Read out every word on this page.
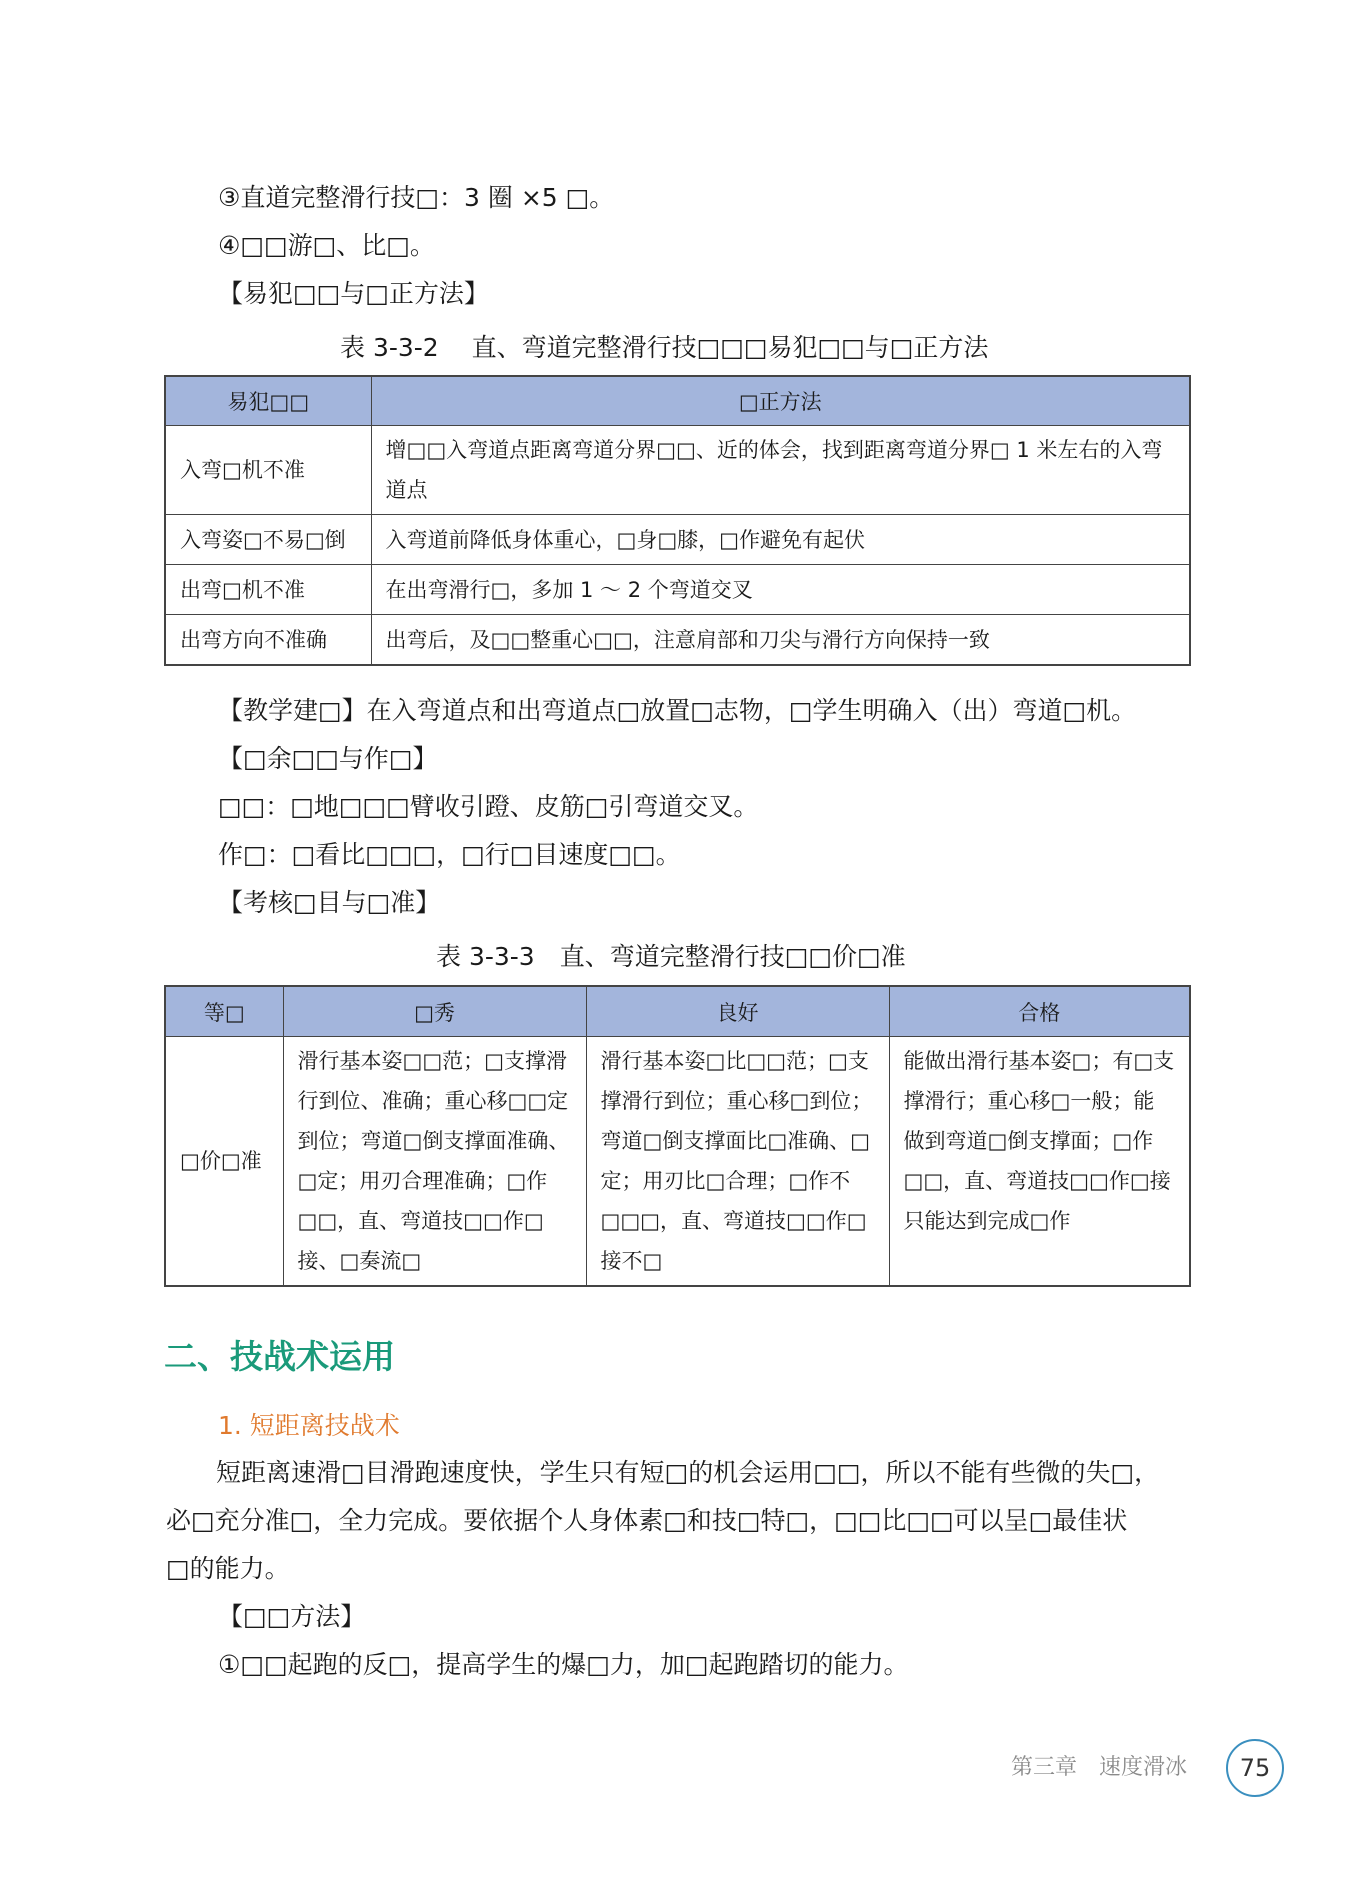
③直道完整滑行技□：3 圈 ×5 □。
④□□游□、比□。
【易犯□□与□正方法】
表 3-3-2　 直、弯道完整滑行技□□□易犯□□与□正方法
易犯□□	□正方法
入弯□机不准	增□□入弯道点距离弯道分界□□、近的体会，找到距离弯道分界□ 1 米左右的入弯道点
入弯姿□不易□倒	入弯道前降低身体重心，□身□膝，□作避免有起伏
出弯□机不准	在出弯滑行□，多加 1 ～ 2 个弯道交叉
出弯方向不准确	出弯后，及□□整重心□□，注意肩部和刀尖与滑行方向保持一致
【教学建□】在入弯道点和出弯道点□放置□志物，□学生明确入（出）弯道□机。
【□余□□与作□】
□□：□地□□□臂收引蹬、皮筋□引弯道交叉。
作□：□看比□□□，□行□目速度□□。
【考核□目与□准】
表 3-3-3　直、弯道完整滑行技□□价□准
等□	□秀	良好	合格
□价□准	滑行基本姿□□范；□支撑滑行到位、准确；重心移□□定到位；弯道□倒支撑面准确、□定；用刃合理准确；□作□□，直、弯道技□□作□接、□奏流□	滑行基本姿□比□□范；□支撑滑行到位；重心移□到位；弯道□倒支撑面比□准确、□定；用刃比□合理；□作不□□□，直、弯道技□□作□接不□	能做出滑行基本姿□；有□支撑滑行；重心移□一般；能做到弯道□倒支撑面；□作□□，直、弯道技□□作□接只能达到完成□作
二、技战术运用
1. 短距离技战术
　　短距离速滑□目滑跑速度快，学生只有短□的机会运用□□，所以不能有些微的失□，
必□充分准□，全力完成。要依据个人身体素□和技□特□，□□比□□可以呈□最佳状
□的能力。
【□□方法】
①□□起跑的反□，提高学生的爆□力，加□起跑踏切的能力。
第三章　速度滑冰	75
